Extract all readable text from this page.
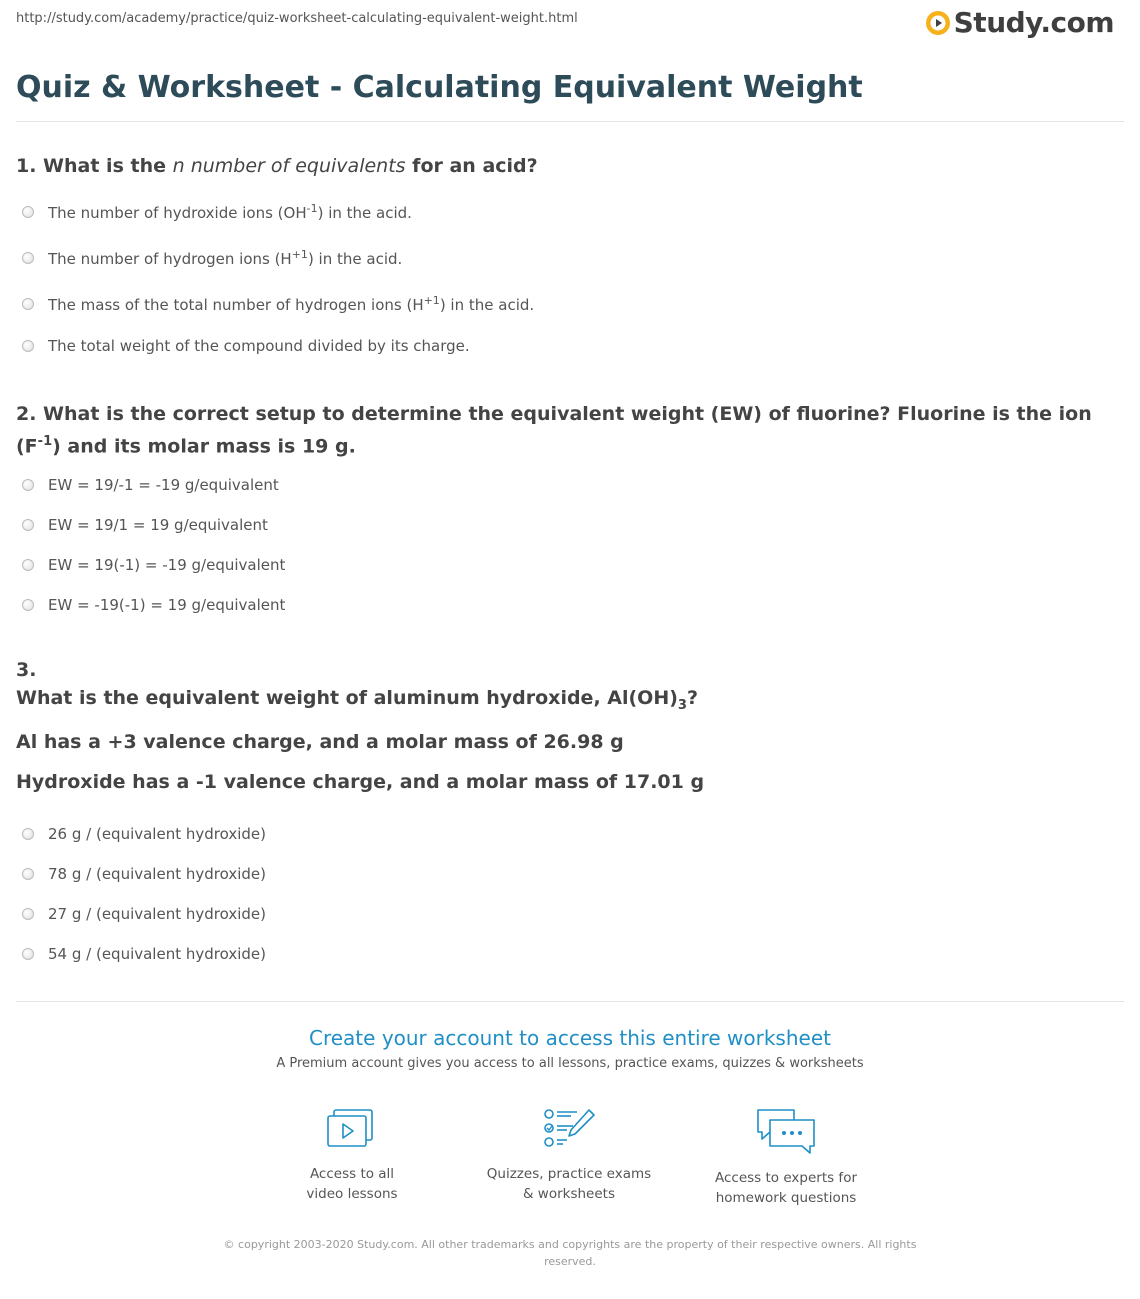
http://study.com/academy/practice/quiz-worksheet-calculating-equivalent-weight.html	Study.com
Quiz & Worksheet - Calculating Equivalent Weight

1. What is the n number of equivalents for an acid?

The number of hydroxide ions $(OH^{-1})$ in the acid.
The number of hydrogen ions $(H^{+1})$ in the acid.
The mass of the total number of hydrogen ions $(H^{+1})$ in the acid.
The total weight of the compound divided by its charge.

2. What is the correct setup to determine the equivalent weight (EW) of fluorine? Fluorine is the ion $(F^{-1})$ and its molar mass is 19 g.

EW = 19/-1 = -19 g/equivalent
EW = 19/1 = 19 g/equivalent
EW = 19(-1) = -19 g/equivalent
EW = -19(-1) = 19 g/equivalent

3.

What is the equivalent weight of aluminum hydroxide, $Al(OH)_3$?

Al has a +3 valence charge, and a molar mass of 26.98 g

Hydroxide has a -1 valence charge, and a molar mass of 17.01 g

26 g / (equivalent hydroxide)
78 g / (equivalent hydroxide)
27 g / (equivalent hydroxide)
54 g / (equivalent hydroxide)
Create your account to access this entire worksheet
A Premium account gives you access to all lessons, practice exams, quizzes & worksheets
Access to all
video lessons
Quizzes, practice exams
& worksheets
Access to experts for
homework questions
© copyright 2003-2020 Study.com. All other trademarks and copyrights are the property of their respective owners. All rights reserved.
